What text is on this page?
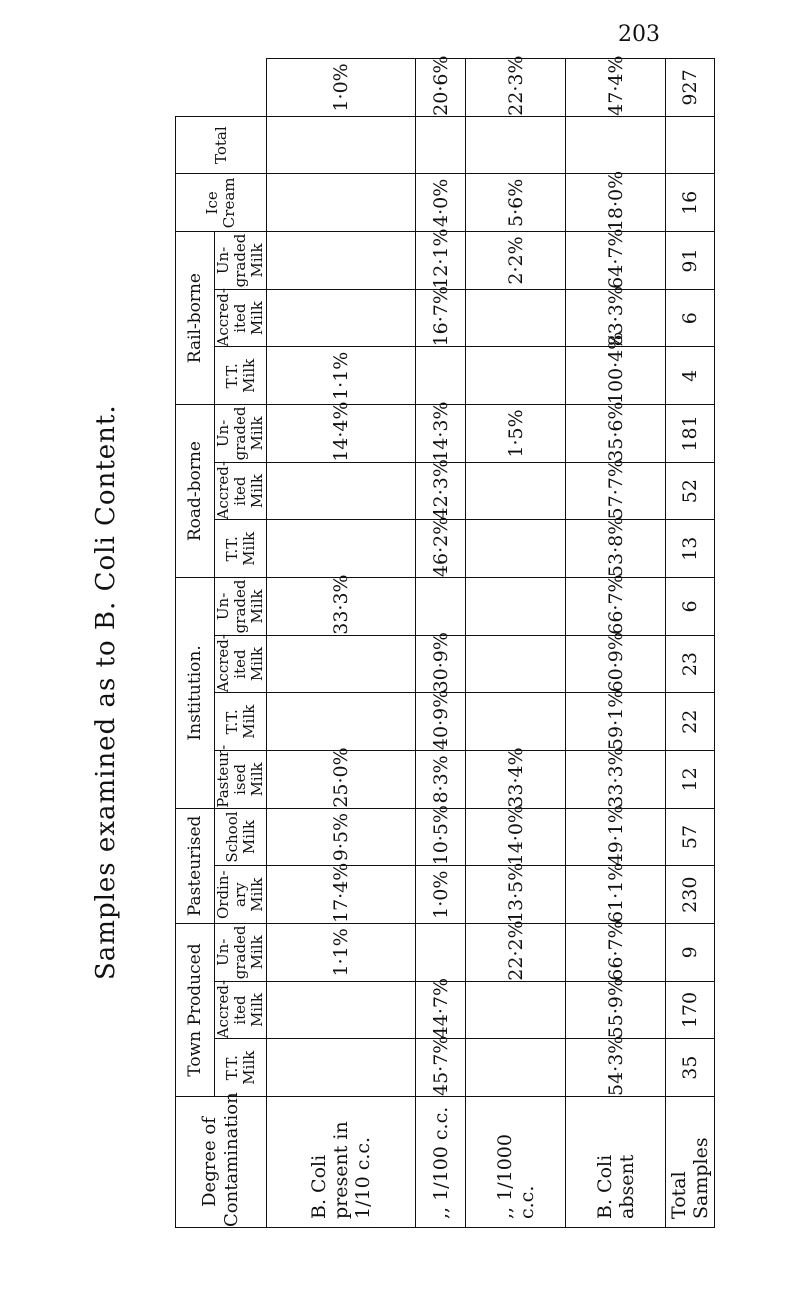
203
Samples examined as to B. Coli Content.
Degree of Contamination	Town Produced			Pasteurised		Institution.				Road-borne			Rail-borne			Ice Cream	Total	
	T.T. Milk	Accred-ited Milk	Un-graded Milk	Ordin-ary Milk	School Milk	Pasteur-ised Milk	T.T. Milk	Accred-ited Milk	Un-graded Milk	T.T. Milk	Accred-ited Milk	Un-graded Milk	T.T. Milk	Accred-ited Milk	Un-graded Milk			
B. Coli present in 1/10 c.c.			1·1%	17·4%	9·5%	25·0%			33·3%			14·4%	1·1%					1·0%
,, 1/100 c.c.	45·7%	44·7%		1·0%	10·5%	8·3%	40·9%	30·9%		46·2%	42·3%	14·3%		16·7%	12·1%	4·0%		20·6%
,, 1/1000 c.c.			22·2%	13·5%	14·0%	33·4%						1·5%			2·2%	5·6%		22·3%
B. Coli absent	54·3%	55·9%	66·7%	61·1%	49·1%	33·3%	59·1%	60·9%	66·7%	53·8%	57·7%	35·6%	100·4%	83·3%	64·7%	18·0%		47·4%
Total Samples	35	170	9	230	57	12	22	23	6	13	52	181	4	6	91	16		927
